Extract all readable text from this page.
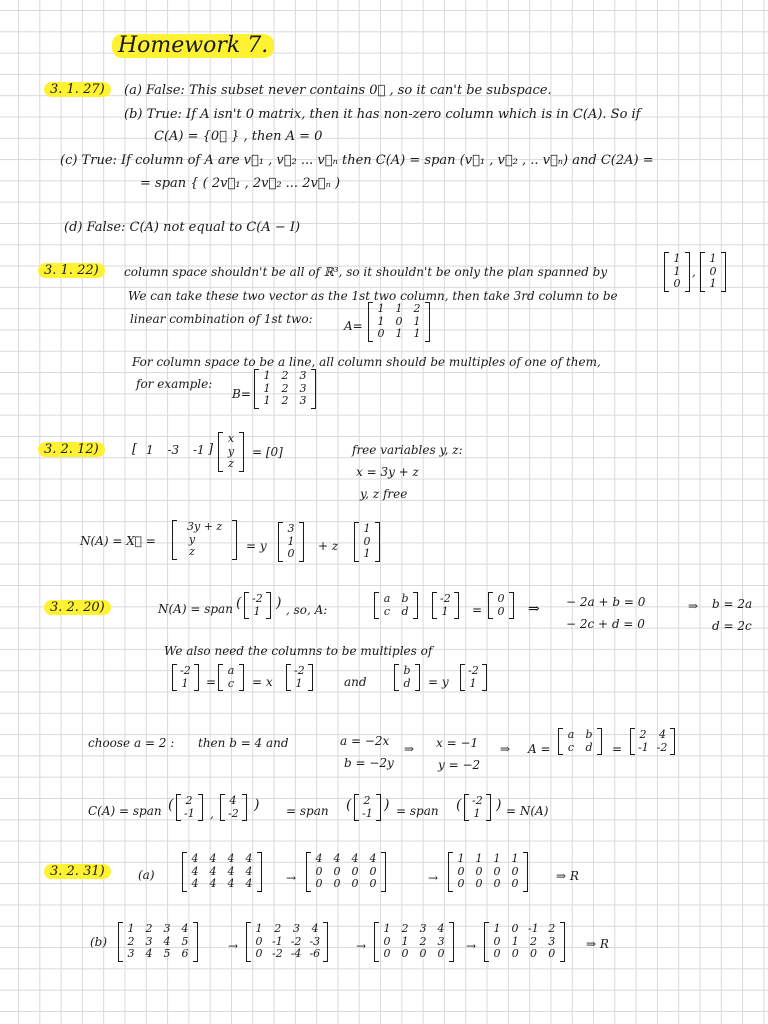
Homework 7.
3. 1. 27)	(a) False: This subset never contains 0⃗ , so it can't be subspace.
(b) True: If A isn't 0 matrix, then it has non-zero column which is in C(A). So if
C(A) = {0⃗ } , then A = 0
(c) True: If column of A are v⃗₁ , v⃗₂ ... v⃗ₙ then C(A) = span (v⃗₁ , v⃗₂ , .. v⃗ₙ) and C(2A) =
= span { ( 2v⃗₁ , 2v⃗₂ ... 2v⃗ₙ )
(d) False: C(A) not equal to C(A − I)
3. 1. 22)	column space shouldn't be all of ℝ³, so it shouldn't be only the plan spanned by
1
1
0
,
1
0
1
We can take these two vector as the 1st two column, then take 3rd column to be
linear combination of 1st two:	A=
1 1 2
1 0 1
0 1 1
For column space to be a line, all column should be multiples of one of them,
for example:
B=
1 2 3
1 2 3
1 2 3
3. 2. 12)	[ 1 -3 -1 ]
x
y
z
= [0]	free variables y, z:
x = 3y + z
y, z free
N(A) = X⃗ =
3y + z
y
z	= y
3
1
0
+ z
1
0
1
3. 2. 20)	N(A) = span ( -2
1
) , so, A:
a b
c d
-2
1 =
0
0 ⇒ − 2a + b = 0
− 2c + d = 0
⇒ b = 2a
d = 2c
We also need the columns to be multiples of
-2
1 =
a
c = x
-2
1	and
b
d = y
-2
1
choose a = 2 : then b = 4 and	a = −2x
b = −2y
⇒ x = −1
y = −2
⇒ A =
a b
c d =
2 4
-1 -2
C(A) = span ( 2
-1 ,
4
-2
) = span ( 2
-1
) = span ( -2
1
) = N(A)
3. 2. 31)	(a)
4 4 4 4
4 4 4 4
4 4 4 4	→
4 4 4 4
0 0 0 0
0 0 0 0	→
1 1 1 1
0 0 0 0
0 0 0 0
⇒ R
(b)
1 2 3 4
2 3 4 5
3 4 5 6
→
1 2 3 4
0 -1 -2 -3
0 -2 -4 -6
→
1 2 3 4
0 1 2 3
0 0 0 0
→
1 0 -1 2
0 1 2 3
0 0 0 0
⇒ R
